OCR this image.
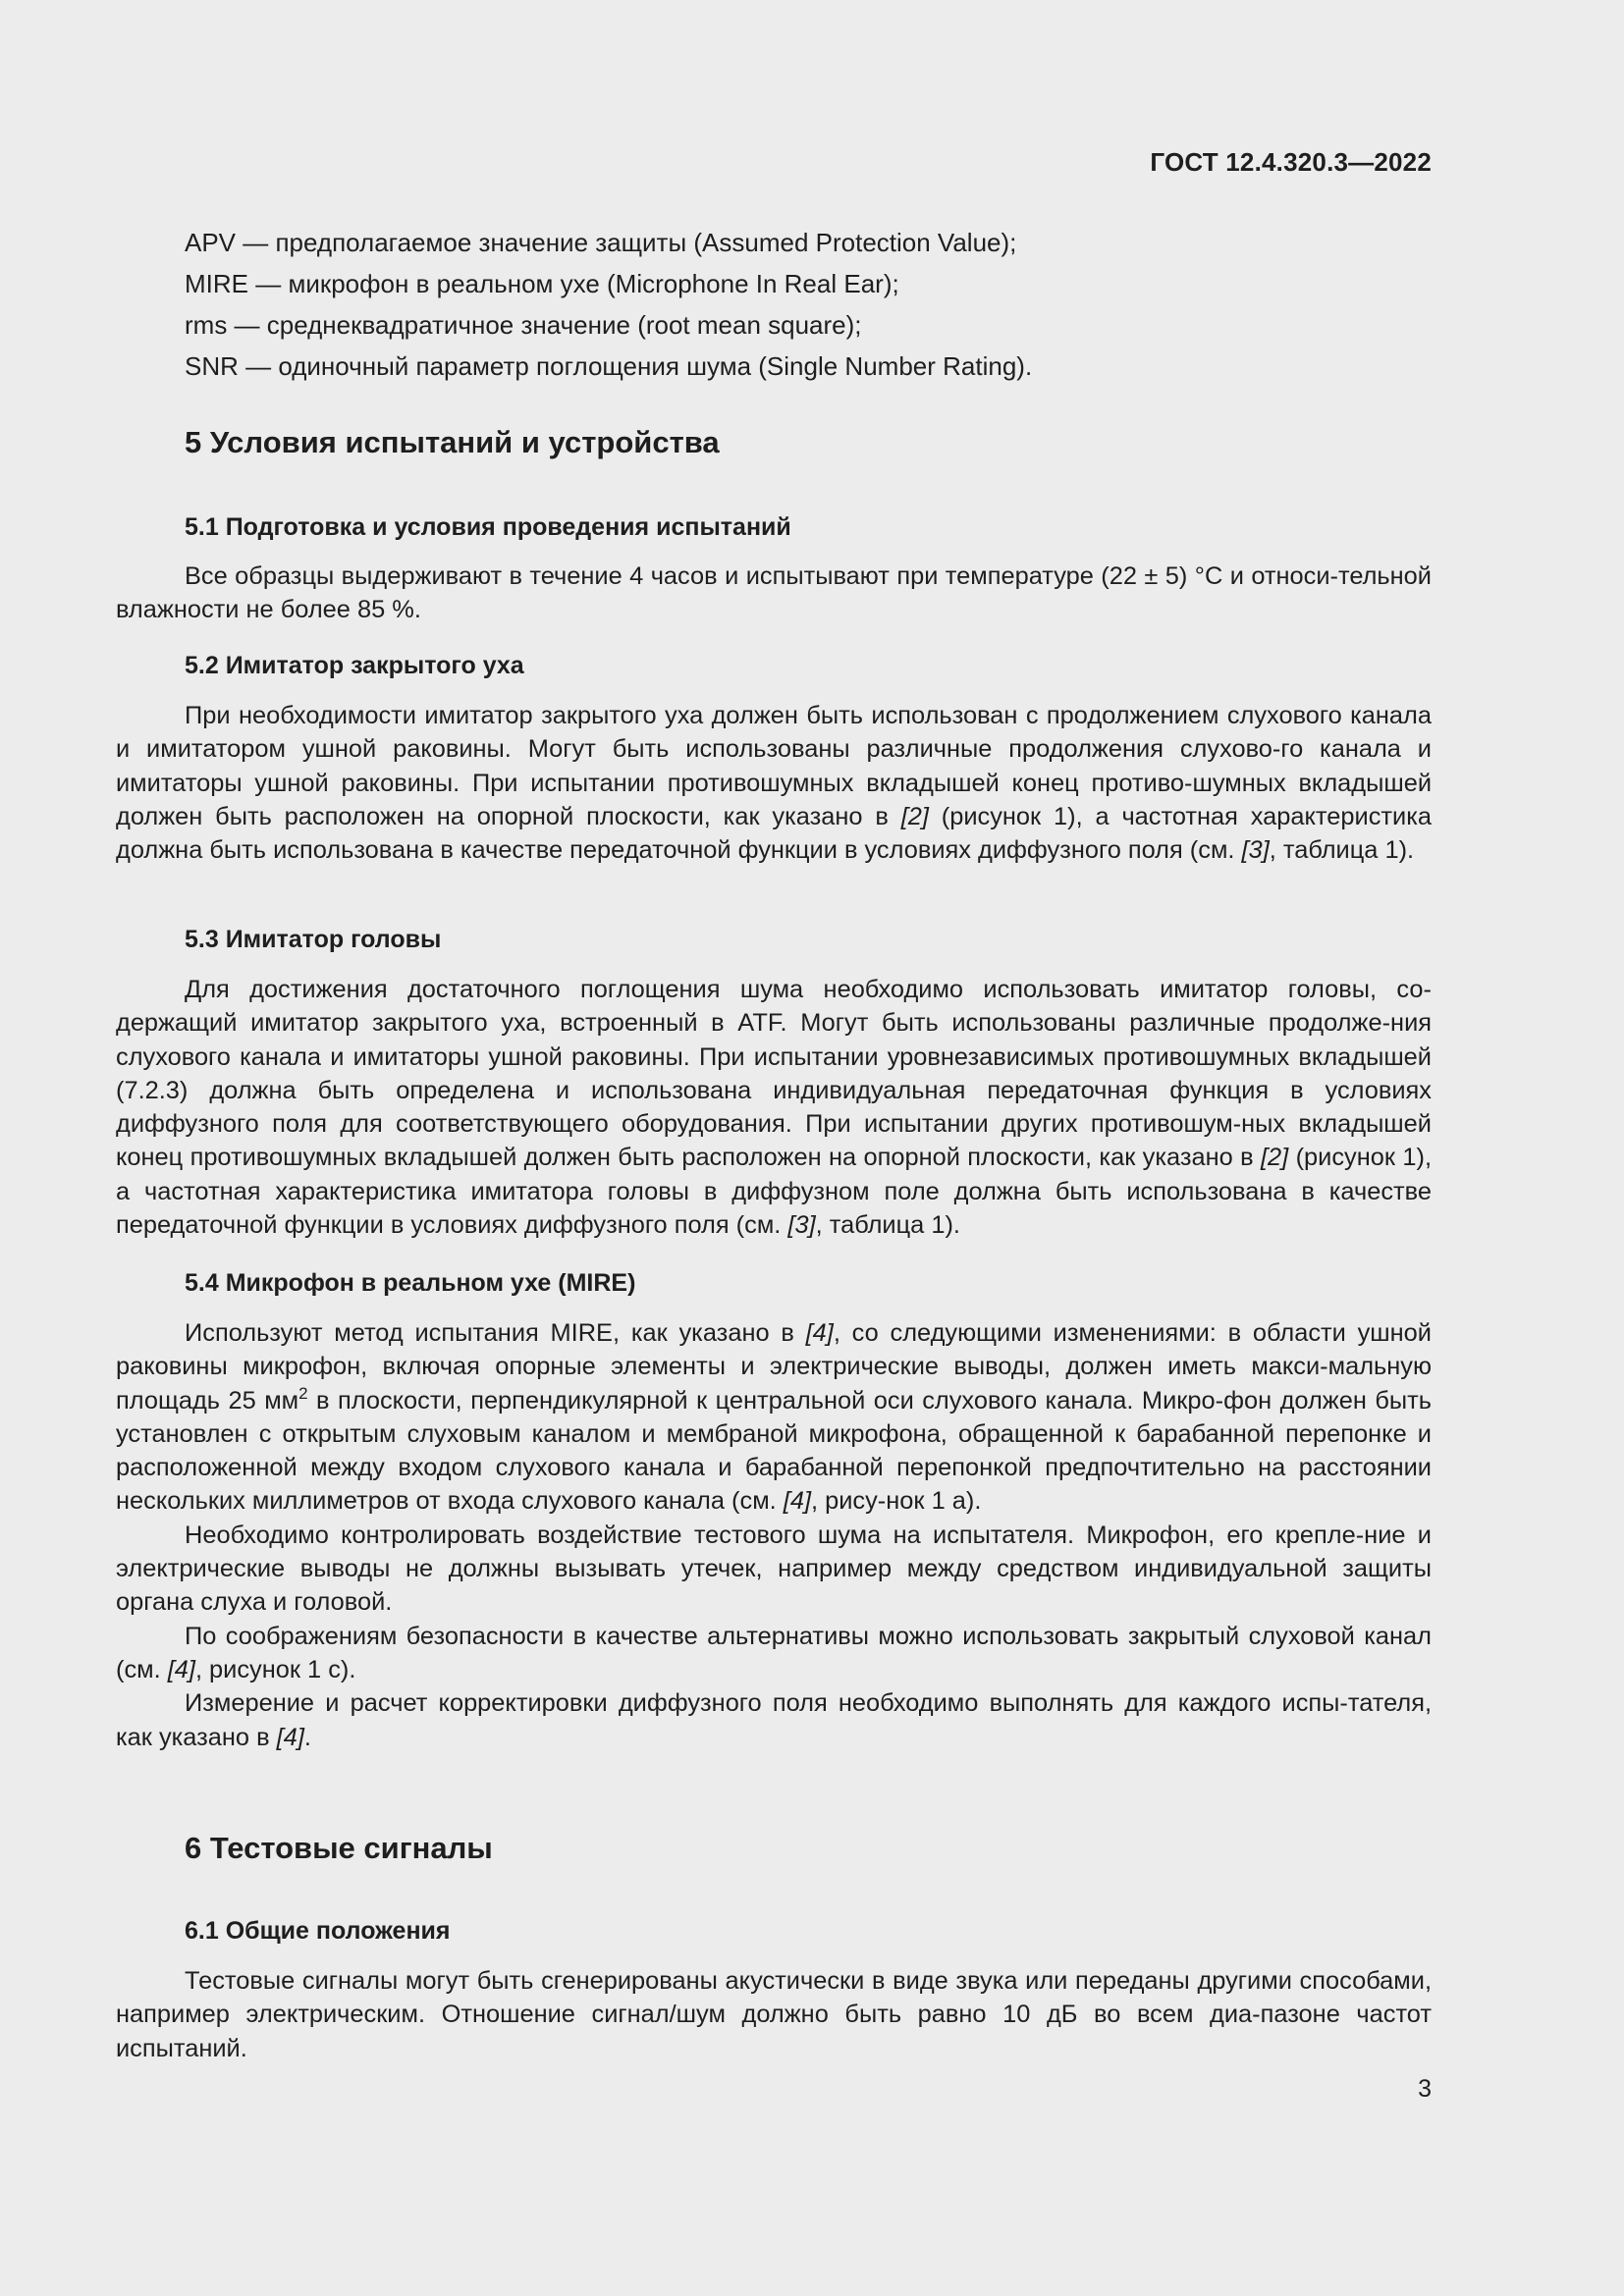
ГОСТ 12.4.320.3—2022
APV — предполагаемое значение защиты (Assumed Protection Value);
MIRE — микрофон в реальном ухе (Microphone In Real Ear);
rms — среднеквадратичное значение (root mean square);
SNR — одиночный параметр поглощения шума (Single Number Rating).
5 Условия испытаний и устройства
5.1 Подготовка и условия проведения испытаний

Все образцы выдерживают в течение 4 часов и испытывают при температуре (22 ± 5) °С и относи-тельной влажности не более 85 %.

5.2 Имитатор закрытого уха

При необходимости имитатор закрытого уха должен быть использован с продолжением слухового канала и имитатором ушной раковины. Могут быть использованы различные продолжения слухово-го канала и имитаторы ушной раковины. При испытании противошумных вкладышей конец противо-шумных вкладышей должен быть расположен на опорной плоскости, как указано в [2] (рисунок 1), а частотная характеристика должна быть использована в качестве передаточной функции в условиях диффузного поля (см. [3], таблица 1).

5.3 Имитатор головы

Для достижения достаточного поглощения шума необходимо использовать имитатор головы, со-держащий имитатор закрытого уха, встроенный в ATF. Могут быть использованы различные продолже-ния слухового канала и имитаторы ушной раковины. При испытании уровнезависимых противошумных вкладышей (7.2.3) должна быть определена и использована индивидуальная передаточная функция в условиях диффузного поля для соответствующего оборудования. При испытании других противошум-ных вкладышей конец противошумных вкладышей должен быть расположен на опорной плоскости, как указано в [2] (рисунок 1), а частотная характеристика имитатора головы в диффузном поле должна быть использована в качестве передаточной функции в условиях диффузного поля (см. [3], таблица 1).

5.4 Микрофон в реальном ухе (MIRE)

Используют метод испытания MIRE, как указано в [4], со следующими изменениями: в области ушной раковины микрофон, включая опорные элементы и электрические выводы, должен иметь макси-мальную площадь 25 $мм^2$ в плоскости, перпендикулярной к центральной оси слухового канала. Микро-фон должен быть установлен с открытым слуховым каналом и мембраной микрофона, обращенной к барабанной перепонке и расположенной между входом слухового канала и барабанной перепонкой предпочтительно на расстоянии нескольких миллиметров от входа слухового канала (см. [4], рису-нок 1 а).

Необходимо контролировать воздействие тестового шума на испытателя. Микрофон, его крепле-ние и электрические выводы не должны вызывать утечек, например между средством индивидуальной защиты органа слуха и головой.

По соображениям безопасности в качестве альтернативы можно использовать закрытый слуховой канал (см. [4], рисунок 1 с).

Измерение и расчет корректировки диффузного поля необходимо выполнять для каждого испы-тателя, как указано в [4].

6 Тестовые сигналы
6.1 Общие положения

Тестовые сигналы могут быть сгенерированы акустически в виде звука или переданы другими способами, например электрическим. Отношение сигнал/шум должно быть равно 10 дБ во всем диа-пазоне частот испытаний.

3
